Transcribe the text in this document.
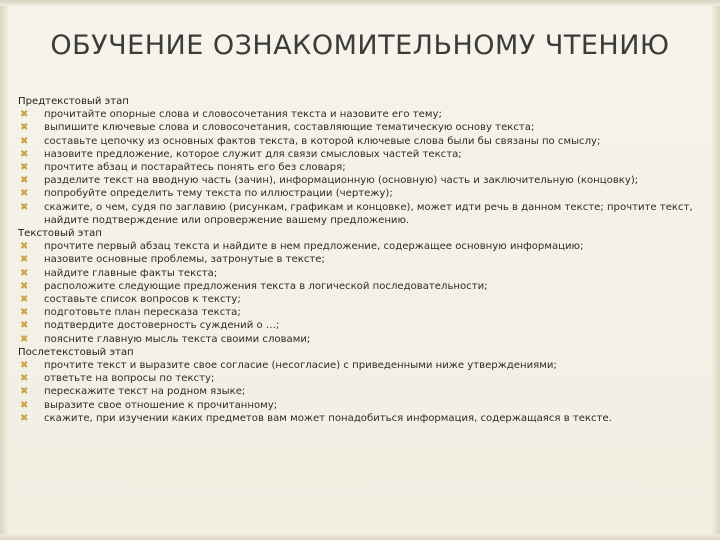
ОБУЧЕНИЕ ОЗНАКОМИТЕЛЬНОМУ ЧТЕНИЮ
Предтекстовый этап
✖ прочитайте опорные слова и словосочетания текста и назовите его тему;
✖ выпишите ключевые слова и словосочетания, составляющие тематическую основу текста;
✖ составьте цепочку из основных фактов текста, в которой ключевые слова были бы связаны по смыслу;
✖ назовите предложение, которое служит для связи смысловых частей текста;
✖ прочтите абзац и постарайтесь понять его без словаря;
✖ разделите текст на вводную часть (зачин), информационную (основную) часть и заключительную (концовку);
✖ попробуйте определить тему текста по иллюстрации (чертежу);
✖ скажите, о чем, судя по заглавию (рисункам, графикам и концовке), может идти речь в данном тексте; прочтите текст, найдите подтверждение или опровержение вашему предложению.
Текстовый этап
✖ прочтите первый абзац текста и найдите в нем предложение, содержащее основную информацию;
✖ назовите основные проблемы, затронутые в тексте;
✖ найдите главные факты текста;
✖ расположите следующие предложения текста в логической последовательности;
✖ составьте список вопросов к тексту;
✖ подготовьте план пересказа текста;
✖ подтвердите достоверность суждений о …;
✖ поясните главную мысль текста своими словами;
Послетекстовый этап
✖ прочтите текст и выразите свое согласие (несогласие) с приведенными ниже утверждениями;
✖ ответьте на вопросы по тексту;
✖ перескажите текст на родном языке;
✖ выразите свое отношение к прочитанному;
✖ скажите, при изучении каких предметов вам может понадобиться информация, содержащаяся в тексте.
